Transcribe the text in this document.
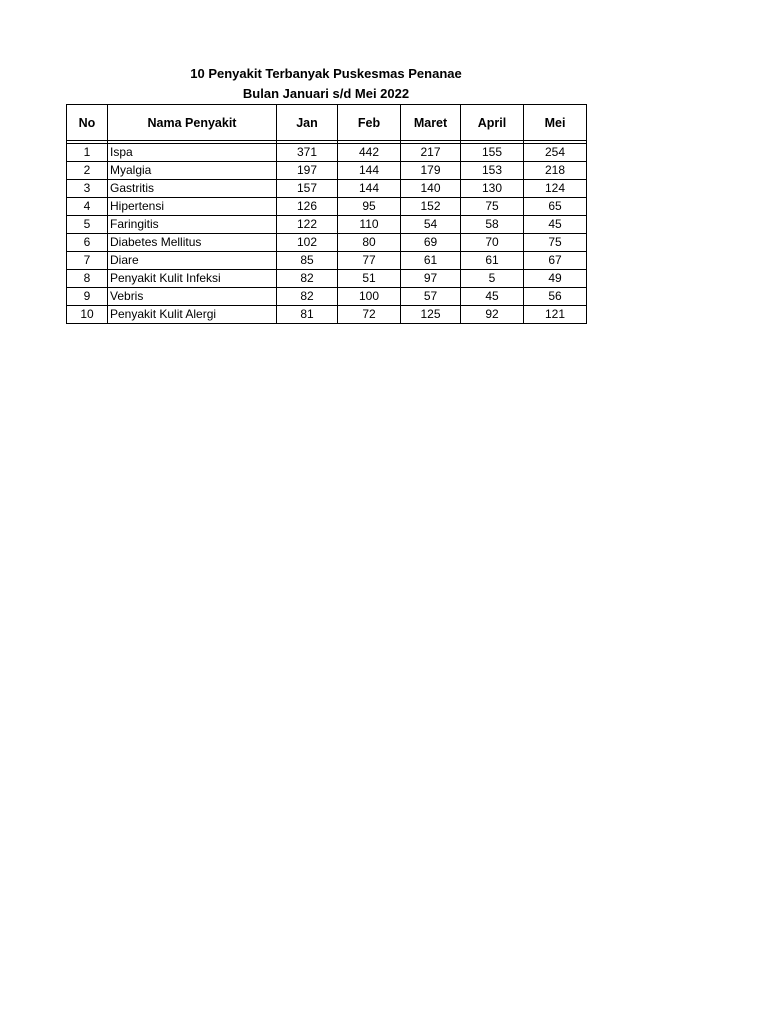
10 Penyakit Terbanyak Puskesmas Penanae
Bulan Januari s/d Mei 2022
No	Nama Penyakit	Jan	Feb	Maret	April	Mei

1	Ispa	371	442	217	155	254
2	Myalgia	197	144	179	153	218
3	Gastritis	157	144	140	130	124
4	Hipertensi	126	95	152	75	65
5	Faringitis	122	110	54	58	45
6	Diabetes Mellitus	102	80	69	70	75
7	Diare	85	77	61	61	67
8	Penyakit Kulit Infeksi	82	51	97	5	49
9	Vebris	82	100	57	45	56
10	Penyakit Kulit Alergi	81	72	125	92	121
